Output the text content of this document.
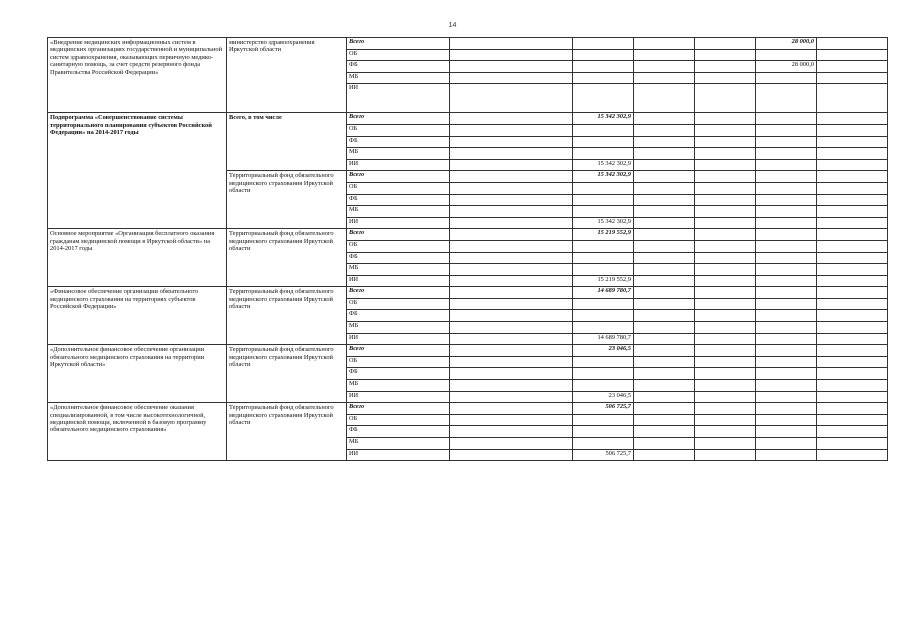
14
«Внедрение медицинских информационных систем в медицинских организациях государственной и муниципальной систем здравоохранения, оказывающих первичную медико-санитарную помощь, за счет средств резервного фонда Правительства Российской Федерации»	министерство здравоохранения Иркутской области	Всего					28 000,0	
		ОБ						
		ФБ					28 000,0	
		МБ						
		ИИ						
Подпрограмма «Совершенствование системы территориального планирования субъектов Российской Федерации» на 2014-2017 годы	Всего, в том числе	Всего		15 342 302,9				
		ОБ						
		ФБ						
		МБ						
		ИИ		15 342 302,9				
	Территориальный фонд обязательного медицинского страхования Иркутской области	Всего		15 342 302,9				
		ОБ						
		ФБ						
		МБ						
		ИИ		15 342 302,9				
Основное мероприятие «Организация бесплатного оказания гражданам медицинской помощи в Иркутской области» на 2014-2017 годы	Территориальный фонд обязательного медицинского страхования Иркутской области	Всего		15 219 552,9				
		ОБ						
		ФБ						
		МБ						
		ИИ		15 219 552,9				
«Финансовое обеспечение организации обязательного медицинского страхования на территориях субъектов Российской Федерации»	Территориальный фонд обязательного медицинского страхования Иркутской области	Всего		14 689 780,7				
		ОБ						
		ФБ						
		МБ						
		ИИ		14 689 780,7				
«Дополнительное финансовое обеспечение организации обязательного медицинского страхования на территории Иркутской области»	Территориальный фонд обязательного медицинского страхования Иркутской области	Всего		23 046,5				
		ОБ						
		ФБ						
		МБ						
		ИИ		23 046,5				
«Дополнительное финансовое обеспечение оказания специализированной, в том числе высокотехнологичной, медицинской помощи, включенной в базовую программу обязательного медицинского страхования»	Территориальный фонд обязательного медицинского страхования Иркутской области	Всего		506 725,7				
		ОБ						
		ФБ						
		МБ						
		ИИ		506 725,7				
